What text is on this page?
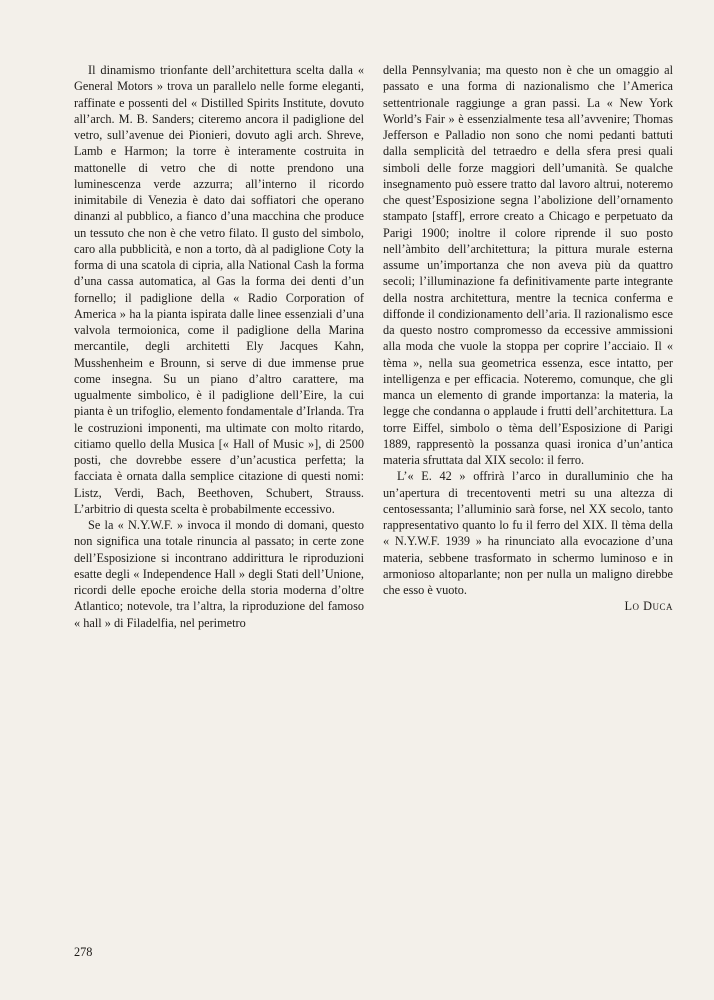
Il dinamismo trionfante dell’architettura scelta dalla « General Motors » trova un parallelo nelle forme eleganti, raffinate e possenti del « Distilled Spirits Institute, dovuto all’arch. M. B. Sanders; citeremo ancora il padiglione del vetro, sull’avenue dei Pionieri, dovuto agli arch. Shreve, Lamb e Harmon; la torre è interamente costruita in mattonelle di vetro che di notte prendono una luminescenza verde azzurra; all’interno il ricordo inimitabile di Venezia è dato dai soffiatori che operano dinanzi al pubblico, a fianco d’una macchina che produce un tessuto che non è che vetro filato. Il gusto del simbolo, caro alla pubblicità, e non a torto, dà al padiglione Coty la forma di una scatola di cipria, alla National Cash la forma d’una cassa automatica, al Gas la forma dei denti d’un fornello; il padiglione della « Radio Corporation of America » ha la pianta ispirata dalle linee essenziali d’una valvola termoionica, come il padiglione della Marina mercantile, degli architetti Ely Jacques Kahn, Musshenheim e Brounn, si serve di due immense prue come insegna. Su un piano d’altro carattere, ma ugualmente simbolico, è il padiglione dell’Eire, la cui pianta è un trifoglio, elemento fondamentale d’Irlanda. Tra le costruzioni imponenti, ma ultimate con molto ritardo, citiamo quello della Musica [« Hall of Music »], di 2500 posti, che dovrebbe essere d’un’acustica perfetta; la facciata è ornata dalla semplice citazione di questi nomi: Listz, Verdi, Bach, Beethoven, Schubert, Strauss. L’arbitrio di questa scelta è probabilmente eccessivo.

Se la « N.Y.W.F. » invoca il mondo di domani, questo non significa una totale rinuncia al passato; in certe zone dell’Esposizione si incontrano addirittura le riproduzioni esatte degli « Independence Hall » degli Stati dell’Unione, ricordi delle epoche eroiche della storia moderna d’oltre Atlantico; notevole, tra l’altra, la riproduzione del famoso « hall » di Filadelfia, nel perimetro

della Pennsylvania; ma questo non è che un omaggio al passato e una forma di nazionalismo che l’America settentrionale raggiunge a gran passi. La « New York World’s Fair » è essenzialmente tesa all’avvenire; Thomas Jefferson e Palladio non sono che nomi pedanti battuti dalla semplicità del tetraedro e della sfera presi quali simboli delle forze maggiori dell’umanità. Se qualche insegnamento può essere tratto dal lavoro altrui, noteremo che quest’Esposizione segna l’abolizione dell’ornamento stampato [staff], errore creato a Chicago e perpetuato da Parigi 1900; inoltre il colore riprende il suo posto nell’àmbito dell’architettura; la pittura murale esterna assume un’importanza che non aveva più da quattro secoli; l’illuminazione fa definitivamente parte integrante della nostra architettura, mentre la tecnica conferma e diffonde il condizionamento dell’aria. Il razionalismo esce da questo nostro compromesso da eccessive ammissioni alla moda che vuole la stoppa per coprire l’acciaio. Il « tèma », nella sua geometrica essenza, esce intatto, per intelligenza e per efficacia. Noteremo, comunque, che gli manca un elemento di grande importanza: la materia, la legge che condanna o applaude i frutti dell’architettura. La torre Eiffel, simbolo o tèma dell’Esposizione di Parigi 1889, rappresentò la possanza quasi ironica d’un’antica materia sfruttata dal XIX secolo: il ferro.

L’« E. 42 » offrirà l’arco in duralluminio che ha un’apertura di trecentoventi metri su una altezza di centosessanta; l’alluminio sarà forse, nel XX secolo, tanto rappresentativo quanto lo fu il ferro del XIX. Il tèma della « N.Y.W.F. 1939 » ha rinunciato alla evocazione d’una materia, sebbene trasformato in schermo luminoso e in armonioso altoparlante; non per nulla un maligno direbbe che esso è vuoto.

Lo Duca

278
